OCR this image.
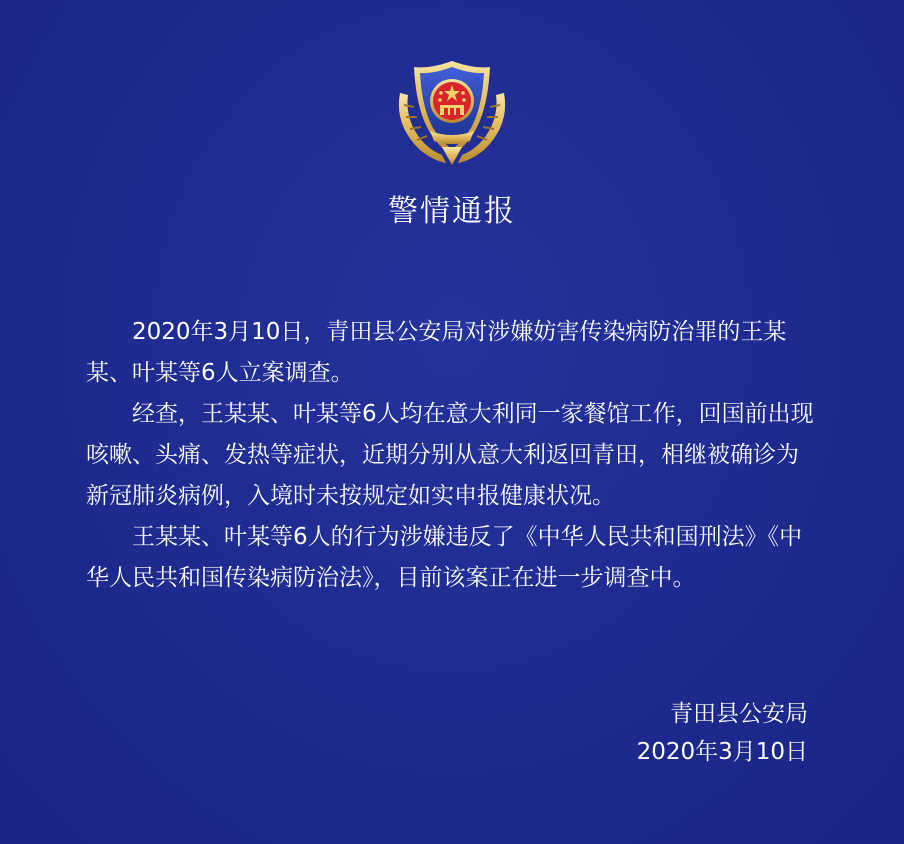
警情通报

2020年3月10日，青田县公安局对涉嫌妨害传染病防治罪的王某某、叶某等6人立案调查。

经查，王某某、叶某等6人均在意大利同一家餐馆工作，回国前出现咳嗽、头痛、发热等症状，近期分别从意大利返回青田，相继被确诊为新冠肺炎病例，入境时未按规定如实申报健康状况。

王某某、叶某等6人的行为涉嫌违反了《中华人民共和国刑法》《中华人民共和国传染病防治法》，目前该案正在进一步调查中。

青田县公安局
2020年3月10日
